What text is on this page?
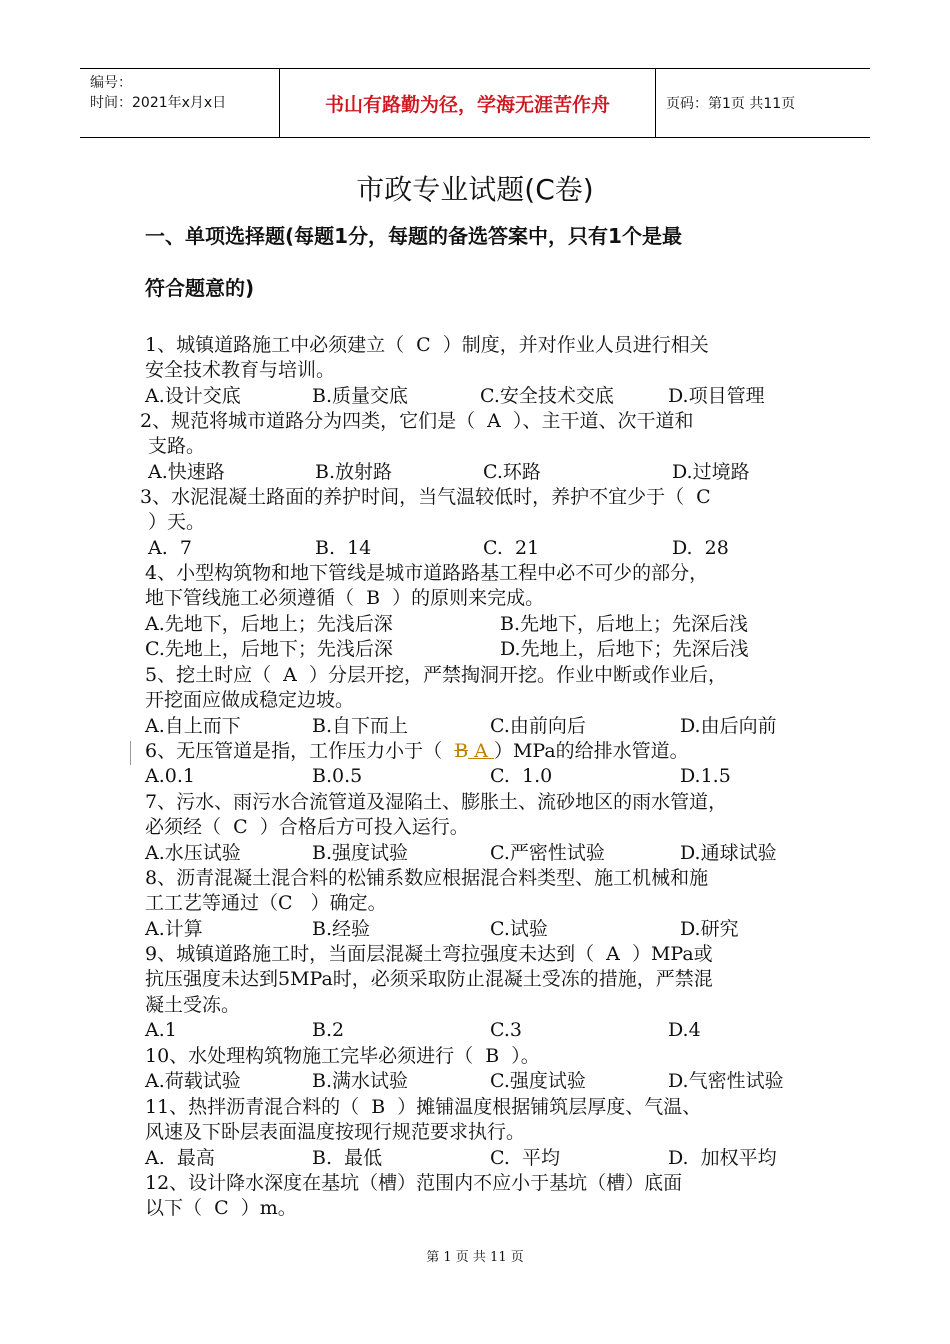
编号：
时间：2021年x月x日	书山有路勤为径，学海无涯苦作舟	页码：第1页 共11页
市政专业试题(C卷)
一、单项选择题(每题1分，每题的备选答案中，只有1个是最
符合题意的)
1、城镇道路施工中必须建立（  C  ）制度，并对作业人员进行相关
安全技术教育与培训。
A.设计交底	B.质量交底	C.安全技术交底	D.项目管理
2、规范将城市道路分为四类，它们是（  A  ）、主干道、次干道和
支路。
A.快速路	B.放射路	C.环路	D.过境路
3、水泥混凝土路面的养护时间，当气温较低时，养护不宜少于（  C
）天。
A.  7	B.  14	C.  21	D.  28
4、小型构筑物和地下管线是城市道路路基工程中必不可少的部分，
地下管线施工必须遵循（  B  ）的原则来完成。
A.先地下，后地上；先浅后深	B.先地下，后地上；先深后浅
C.先地上，后地下；先浅后深	D.先地上，后地下；先深后浅
5、挖土时应（  A  ）分层开挖，严禁掏洞开挖。作业中断或作业后，
开挖面应做成稳定边坡。
A.自上而下	B.自下而上	C.由前向后	D.由后向前
6、无压管道是指，工作压力小于（ B A ）MPa的给排水管道。
A.0.1	B.0.5	C.  1.0	D.1.5
7、污水、雨污水合流管道及湿陷土、膨胀土、流砂地区的雨水管道，
必须经（  C  ）合格后方可投入运行。
A.水压试验	B.强度试验	C.严密性试验	D.通球试验
8、沥青混凝土混合料的松铺系数应根据混合料类型、施工机械和施
工工艺等通过（C   ）确定。
A.计算	B.经验	C.试验	D.研究
9、城镇道路施工时，当面层混凝土弯拉强度未达到（  A  ）MPa或
抗压强度未达到5MPa时，必须采取防止混凝土受冻的措施，严禁混
凝土受冻。
A.1	B.2	C.3	D.4
10、水处理构筑物施工完毕必须进行（  B  ）。
A.荷载试验	B.满水试验	C.强度试验	D.气密性试验
11、热拌沥青混合料的（  B  ）摊铺温度根据铺筑层厚度、气温、
风速及下卧层表面温度按现行规范要求执行。
A.  最高	B.  最低	C.  平均	D.  加权平均
12、设计降水深度在基坑（槽）范围内不应小于基坑（槽）底面
以下（  C  ）m。
第 1 页 共 11 页
